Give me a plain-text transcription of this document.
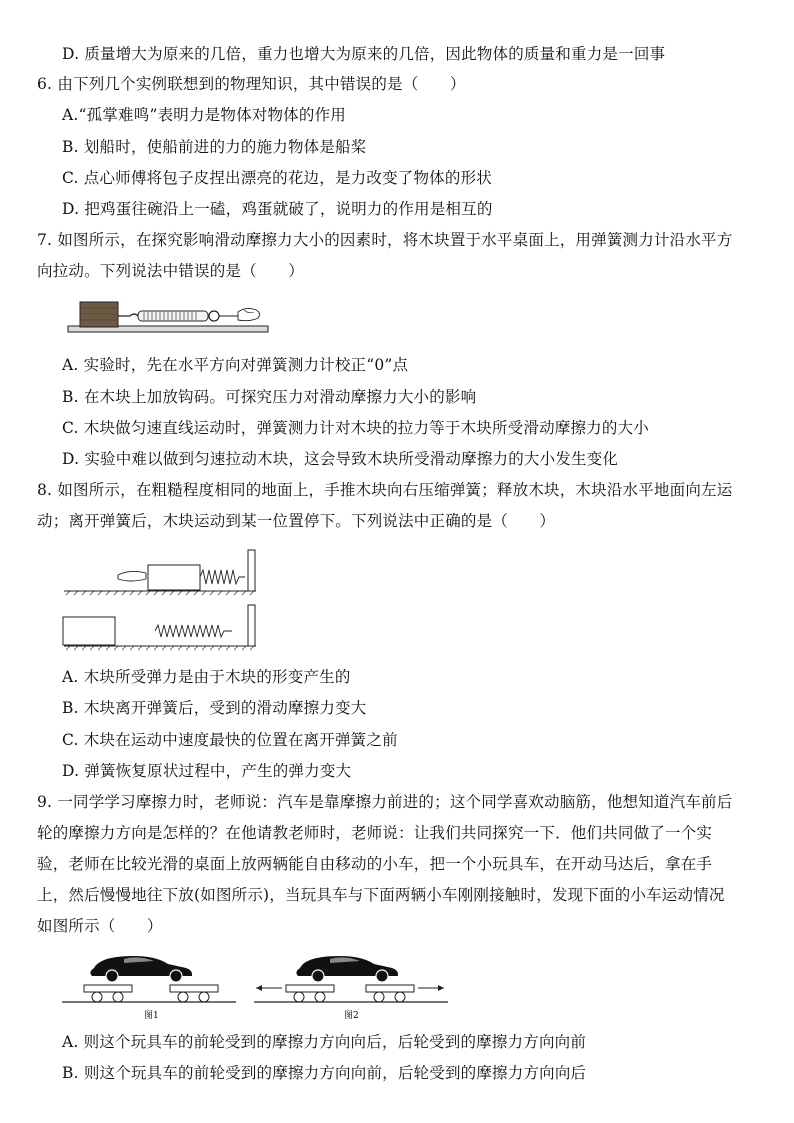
D. 质量增大为原来的几倍，重力也增大为原来的几倍，因此物体的质量和重力是一回事
6. 由下列几个实例联想到的物理知识，其中错误的是（　　）
A.“孤掌难鸣”表明力是物体对物体的作用
B. 划船时，使船前进的力的施力物体是船桨
C. 点心师傅将包子皮捏出漂亮的花边，是力改变了物体的形状
D. 把鸡蛋往碗沿上一磕，鸡蛋就破了，说明力的作用是相互的
7. 如图所示，在探究影响滑动摩擦力大小的因素时，将木块置于水平桌面上，用弹簧测力计沿水平方
向拉动。下列说法中错误的是（　　）
A. 实验时，先在水平方向对弹簧测力计校正“0”点
B. 在木块上加放钩码。可探究压力对滑动摩擦力大小的影响
C. 木块做匀速直线运动时，弹簧测力计对木块的拉力等于木块所受滑动摩擦力的大小
D. 实验中难以做到匀速拉动木块，这会导致木块所受滑动摩擦力的大小发生变化
8. 如图所示，在粗糙程度相同的地面上，手推木块向右压缩弹簧；释放木块，木块沿水平地面向左运
动；离开弹簧后，木块运动到某一位置停下。下列说法中正确的是（　　）
A. 木块所受弹力是由于木块的形变产生的
B. 木块离开弹簧后，受到的滑动摩擦力变大
C. 木块在运动中速度最快的位置在离开弹簧之前
D. 弹簧恢复原状过程中，产生的弹力变大
9. 一同学学习摩擦力时，老师说：汽车是靠摩擦力前进的；这个同学喜欢动脑筋，他想知道汽车前后
轮的摩擦力方向是怎样的？在他请教老师时，老师说：让我们共同探究一下．他们共同做了一个实
验，老师在比较光滑的桌面上放两辆能自由移动的小车，把一个小玩具车，在开动马达后，拿在手
上，然后慢慢地往下放(如图所示)，当玩具车与下面两辆小车刚刚接触时，发现下面的小车运动情况
如图所示（　　）
图1	图2
A. 则这个玩具车的前轮受到的摩擦力方向向后，后轮受到的摩擦力方向向前
B. 则这个玩具车的前轮受到的摩擦力方向向前，后轮受到的摩擦力方向向后
